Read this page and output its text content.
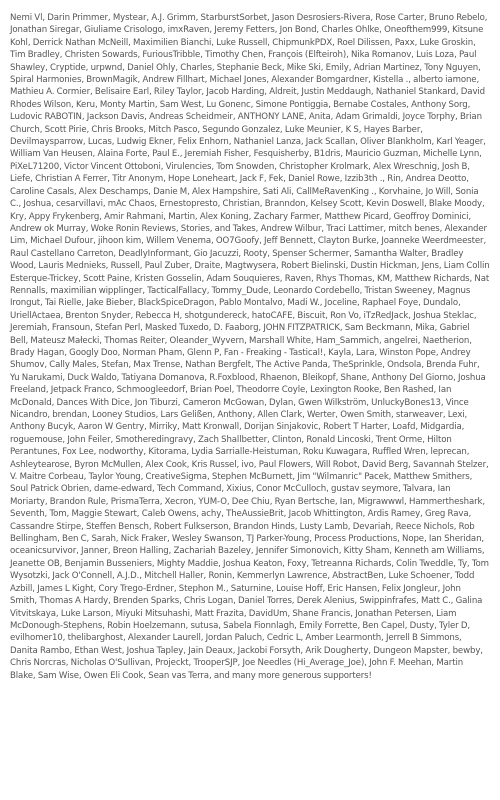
Nemi Vl, Darin Primmer, Mystear, A.J. Grimm, StarburstSorbet, Jason Desrosiers-Rivera, Rose Carter, Bruno Rebelo, Jonathan Siregar, Giuliame Crisologo, imxRaven, Jeremy Fetters, Jon Bond, Charles Ohlke, Oneofthem999, Kitsune Kohl, Derrick Nathan McNeill, Maximilien Bianchi, Luke Russell, ChipmunkPDX, Roel Dilissen, Paxx, Luke Groskin, Tim Bradley, Christen Sowards, FuriousTribble, Timothy Chen, François (Elfteiroh), Nika Romanov, Luis Loza, Paul Shawley, Cryptide, urpwnd, Daniel Ohly, Charles, Stephanie Beck, Mike Ski, Emily, Adrian Martinez, Tony Nguyen, Spiral Harmonies, BrownMagik, Andrew Fillhart, Michael Jones, Alexander Bomgardner, Kistella ., alberto iamone, Mathieu A. Cormier, Belisaire Earl, Riley Taylor, Jacob Harding, Aldreit, Justin Meddaugh, Nathaniel Stankard, David Rhodes Wilson, Keru, Monty Martin, Sam West, Lu Gonenc, Simone Pontiggia, Bernabe Costales, Anthony Sorg, Ludovic RABOTIN, Jackson Davis, Andreas Scheidmeir, ANTHONY LANE, Anita, Adam Grimaldi, Joyce Torphy, Brian Church, Scott Pirie, Chris Brooks, Mitch Pasco, Segundo Gonzalez, Luke Meunier, K S, Hayes Barber, Devilmaysparrow, Lucas, Ludwig Ekner, Felix Enhorn, Nathaniel Lanza, Jack Scallan, Oliver Blankholm, Karl Yeager, William Van Heusen, Alaina Forte, Paul E., Jeremiah Fisher, Fesquisherby, B1dris, Mauricio Guzman, Michelle Lynn, PiXeL71200, Victor Vincent Ottoboni, Virulencies, Tom Snowden, Christopher Krolmark, Alex Wreschnig, Josh B, Liefe, Christian A Ferrer, Titr Anonym, Hope Loneheart, Jack F, Fek, Daniel Rowe, Izzib3th ., Rin, Andrea Deotto, Caroline Casals, Alex Deschamps, Danie M, Alex Hampshire, Sati Ali, CallMeRavenKing ., Korvhaine, Jo Will, Sonia C., Joshua, cesarvillavi, mAc Chaos, Ernestopresto, Christian, Branndon, Kelsey Scott, Kevin Doswell, Blake Moody, Kry, Appy Frykenberg, Amir Rahmani, Martin, Alex Koning, Zachary Farmer, Matthew Picard, Geoffroy Dominici, Andrew ok Murray, Woke Ronin Reviews, Stories, and Takes, Andrew Wilbur, Traci Lattimer, mitch benes, Alexander Lim, Michael Dufour, jihoon kim, Willem Venema, OO7Goofy, Jeff Bennett, Clayton Burke, Joanneke Weerdmeester, Raul Castellano Carreton, DeadlyInformant, Gio Jacuzzi, Rooty, Spenser Schermer, Samantha Walter, Bradley Wood, Lauris Mednieks, Russell, Paul Zuber, Draite, Magtwysera, Robert Bielinski, Dustin Hickman, Jens, Liam Collin Esterque-Trickey, Scott Paine, Kristen Gosselin, Adam Souquieres, Raven, Rhys Thomas, KM, Matthew Richards, Nat Rennalls, maximilian wipplinger, TacticalFallacy, Tommy_Dude, Leonardo Cordebello, Tristan Sweeney, Magnus Irongut, Tai Rielle, Jake Bieber, BlackSpiceDragon, Pablo Montalvo, Madi W., Joceline, Raphael Foye, Dundalo, UriellActaea, Brenton Snyder, Rebecca H, shotgundereck, hatoCAFE, Biscuit, Ron Vo, iTzRedJack, Joshua Steklac, Jeremiah, Fransoun, Stefan Perl, Masked Tuxedo, D. Faaborg, JOHN FITZPATRICK, Sam Beckmann, Mika, Gabriel Bell, Mateusz Małecki, Thomas Reiter, Oleander_Wyvern, Marshall White, Ham_Sammich, angelrei, Naetherion, Brady Hagan, Googly Doo, Norman Pham, Glenn P, Fan - Freaking - Tastical!, Kayla, Lara, Winston Pope, Andrey Shumov, Cally Males, Stefan, Max Trense, Nathan Bergfelt, The Active Panda, TheSprinkle, Ondsola, Brenda Fuhr, Yu Narukami, Duck Waldo, Tatiyana Domanova, R.Foxblood, Rhaenon, Bleikopf, Shane, Anthony Del Giorno, Joshua Freeland, Jetpack Franco, Schmoogleedorf, Brian Poel, Theodorre Coyle, Lexington Rooke, Ben Rashed, Ian McDonald, Dances With Dice, Jon Tiburzi, Cameron McGowan, Dylan, Gwen Wilkström, UnluckyBones13, Vince Nicandro, brendan, Looney Studios, Lars Gelißen, Anthony, Allen Clark, Werter, Owen Smith, starweaver, Lexi, Anthony Bucyk, Aaron W Gentry, Mirriky, Matt Kronwall, Dorijan Sinjakovic, Robert T Harter, Loafd, Midgardia, roguemouse, John Feiler, Smotheredingravy, Zach Shallbetter, Clinton, Ronald Lincoski, Trent Orme, Hilton Perantunes, Fox Lee, nodworthy, Kitorama, Lydia Sarrialle-Heistuman, Roku Kuwagara, Ruffled Wren, leprecan, Ashleytearose, Byron McMullen, Alex Cook, Kris Russel, ivo, Paul Flowers, Will Robot, David Berg, Savannah Stelzer, V. Maitre Corbeau, Taylor Young, CreativeSigma, Stephen McBurnett, Jim "Wilmanric" Pacek, Matthew Smithers, Soul Patrick Obrien, dame-edward, Tech Command, Xixius, Conor McCulloch, gustav seymore, Talvara, Ian Moriarty, Brandon Rule, PrismaTerra, Xecron, YUM-O, Dee Chiu, Ryan Bertsche, Ian, Migrawwwl, Hammertheshark, Seventh, Tom, Maggie Stewart, Caleb Owens, achy, TheAussieBrit, Jacob Whittington, Ardis Ramey, Greg Rava, Cassandre Stirpe, Steffen Bensch, Robert Fulkserson, Brandon Hinds, Lusty Lamb, Devariah, Reece Nichols, Rob Bellingham, Ben C, Sarah, Nick Fraker, Wesley Swanson, TJ Parker-Young, Process Productions, Nope, Ian Sheridan, oceanicsurvivor, Janner, Breon Halling, Zachariah Bazeley, Jennifer Simonovich, Kitty Sham, Kenneth am Williams, Jeanette OB, Benjamin Busseniers, Mighty Maddie, Joshua Keaton, Foxy, Tetreanna Richards, Colin Tweddle, Ty, Tom Wysotzki, Jack O'Connell, A.J.D., Mitchell Haller, Ronin, Kemmerlyn Lawrence, AbstractBen, Luke Schoener, Todd Azbill, James L Kight, Cory Trego-Erdner, Stephon M., Saturnine, Louise Hoff, Eric Hansen, Felix Jongleur, John Smith, Thomas A Hardy, Brenden Sparks, Chris Logan, Daniel Torres, Derek Alenius, Swippinfrafes, Matt C., Galina Vitvitskaya, Luke Larson, Miyuki Mitsuhashi, Matt Frazita, DavidUm, Shane Francis, Jonathan Petersen, Liam McDonough-Stephens, Robin Hoelzemann, sutusa, Sabela Fionnlagh, Emily Forrette, Ben Capel, Dusty, Tyler D, evilhomer10, thelibarghost, Alexander Laurell, Jordan Paluch, Cedric L, Amber Learmonth, Jerrell B Simmons, Danita Rambo, Ethan West, Joshua Tapley, Jain Deaux, Jackobi Forsyth, Arik Dougherty, Dungeon Mapster, bewby, Chris Norcras, Nicholas O'Sullivan, Projeckt, TrooperSJP, Joe Needles (Hi_Average_Joe), John F. Meehan, Martin Blake, Sam Wise, Owen Eli Cook, Sean vas Terra, and many more generous supporters!
